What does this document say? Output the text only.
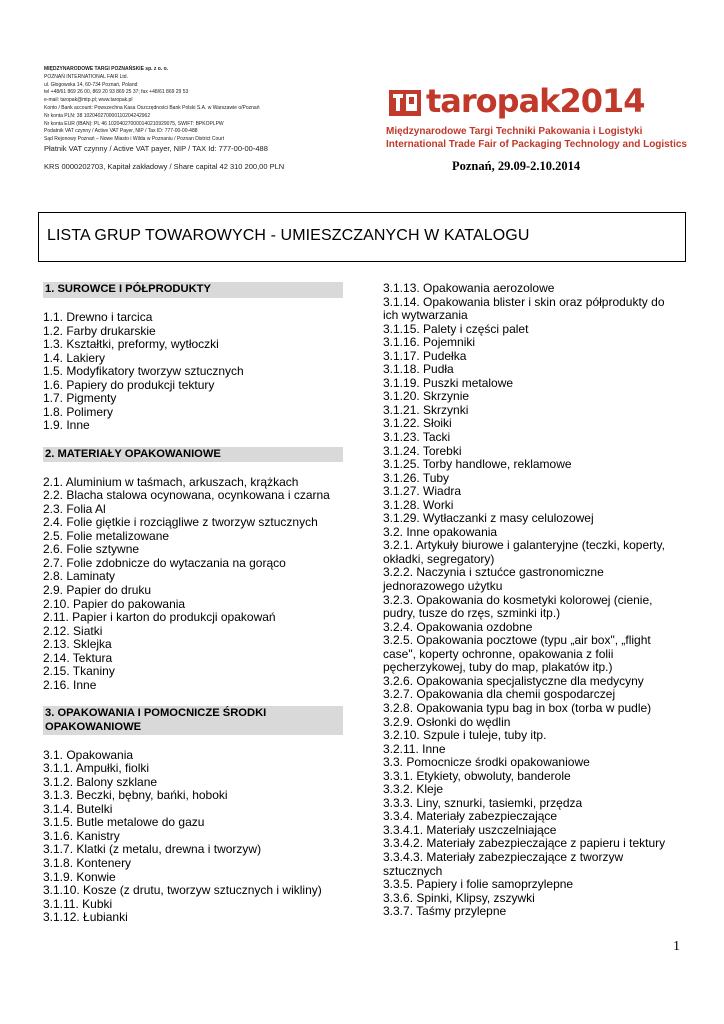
MIĘDZYNARODOWE TARGI POZNAŃSKIE sp. z o. o.
POZNAŃ INTERNATIONAL FAIR Ltd.
ul. Głogowska 14, 60-734 Poznań, Poland
tel +48/61 869 26 00, 869 20 93 869 25 37; fax +48/61 869 29 53
e-mail: taropak@mtp.pl; www.taropak.pl
Konto / Bank account: Powszechna Kasa Oszczędności Bank Polski S.A. w Warszawie o/Poznań
Nr konta PLN: 38 102040270000110204242962
Nr konta EUR (IBAN): PL 46 102040270000140210929075, SWIFT: BPKOPLPW
Podatnik VAT czynny / Active VAT Payer, NIP / Tax ID: 777-00-00-488
Sąd Rejonowy Poznań – Nowe Miasto i Wilda w Poznaniu / Poznan District Court
Płatnik VAT czynny / Active VAT payer, NIP / TAX Id: 777-00-00-488
KRS 0000202703, Kapitał zakładowy / Share capital 42 310 200,00 PLN
taropak2014
Międzynarodowe Targi Techniki Pakowania i Logistyki
International Trade Fair of Packaging Technology and Logistics
Poznań, 29.09-2.10.2014
LISTA GRUP TOWAROWYCH - UMIESZCZANYCH W KATALOGU
1. SUROWCE I PÓŁPRODUKTY
1.1. Drewno i tarcica
1.2. Farby drukarskie
1.3. Kształtki, preformy, wytłoczki
1.4. Lakiery
1.5. Modyfikatory tworzyw sztucznych
1.6. Papiery do produkcji tektury
1.7. Pigmenty
1.8. Polimery
1.9. Inne
2. MATERIAŁY OPAKOWANIOWE
2.1. Aluminium w taśmach, arkuszach, krążkach
2.2. Blacha stalowa ocynowana, ocynkowana i czarna
2.3. Folia Al
2.4. Folie giętkie i rozciągliwe z tworzyw sztucznych
2.5. Folie metalizowane
2.6. Folie sztywne
2.7. Folie zdobnicze do wytaczania na gorąco
2.8. Laminaty
2.9. Papier do druku
2.10. Papier do pakowania
2.11. Papier i karton do produkcji opakowań
2.12. Siatki
2.13. Sklejka
2.14. Tektura
2.15. Tkaniny
2.16. Inne
3. OPAKOWANIA I POMOCNICZE ŚRODKI OPAKOWANIOWE
3.1. Opakowania
3.1.1. Ampułki, fiolki
3.1.2. Balony szklane
3.1.3. Beczki, bębny, bańki, hoboki
3.1.4. Butelki
3.1.5. Butle metalowe do gazu
3.1.6. Kanistry
3.1.7. Klatki (z metalu, drewna i tworzyw)
3.1.8. Kontenery
3.1.9. Konwie
3.1.10. Kosze (z drutu, tworzyw sztucznych i wikliny)
3.1.11. Kubki
3.1.12. Łubianki
3.1.13. Opakowania aerozolowe
3.1.14. Opakowania blister i skin oraz półprodukty do ich wytwarzania
3.1.15. Palety i części palet
3.1.16. Pojemniki
3.1.17. Pudełka
3.1.18. Pudła
3.1.19. Puszki metalowe
3.1.20. Skrzynie
3.1.21. Skrzynki
3.1.22. Słoiki
3.1.23. Tacki
3.1.24. Torebki
3.1.25. Torby handlowe, reklamowe
3.1.26. Tuby
3.1.27. Wiadra
3.1.28. Worki
3.1.29. Wytłaczanki z masy celulozowej
3.2. Inne opakowania
3.2.1. Artykuły biurowe i galanteryjne (teczki, koperty, okładki, segregatory)
3.2.2. Naczynia i sztućce gastronomiczne jednorazowego użytku
3.2.3. Opakowania do kosmetyki kolorowej (cienie, pudry, tusze do rzęs, szminki itp.)
3.2.4. Opakowania ozdobne
3.2.5. Opakowania pocztowe (typu „air box", „flight case", koperty ochronne, opakowania z folii pęcherzykowej, tuby do map, plakatów itp.)
3.2.6. Opakowania specjalistyczne dla medycyny
3.2.7. Opakowania dla chemii gospodarczej
3.2.8. Opakowania typu bag in box (torba w pudle)
3.2.9. Osłonki do wędlin
3.2.10. Szpule i tuleje, tuby itp.
3.2.11. Inne
3.3. Pomocnicze środki opakowaniowe
3.3.1. Etykiety, obwoluty, banderole
3.3.2. Kleje
3.3.3. Liny, sznurki, tasiemki, przędza
3.3.4. Materiały zabezpieczające
3.3.4.1. Materiały uszczelniające
3.3.4.2. Materiały zabezpieczające z papieru i tektury
3.3.4.3. Materiały zabezpieczające z tworzyw sztucznych
3.3.5. Papiery i folie samoprzylepne
3.3.6. Spinki, Klipsy, zszywki
3.3.7. Taśmy przylepne
1
